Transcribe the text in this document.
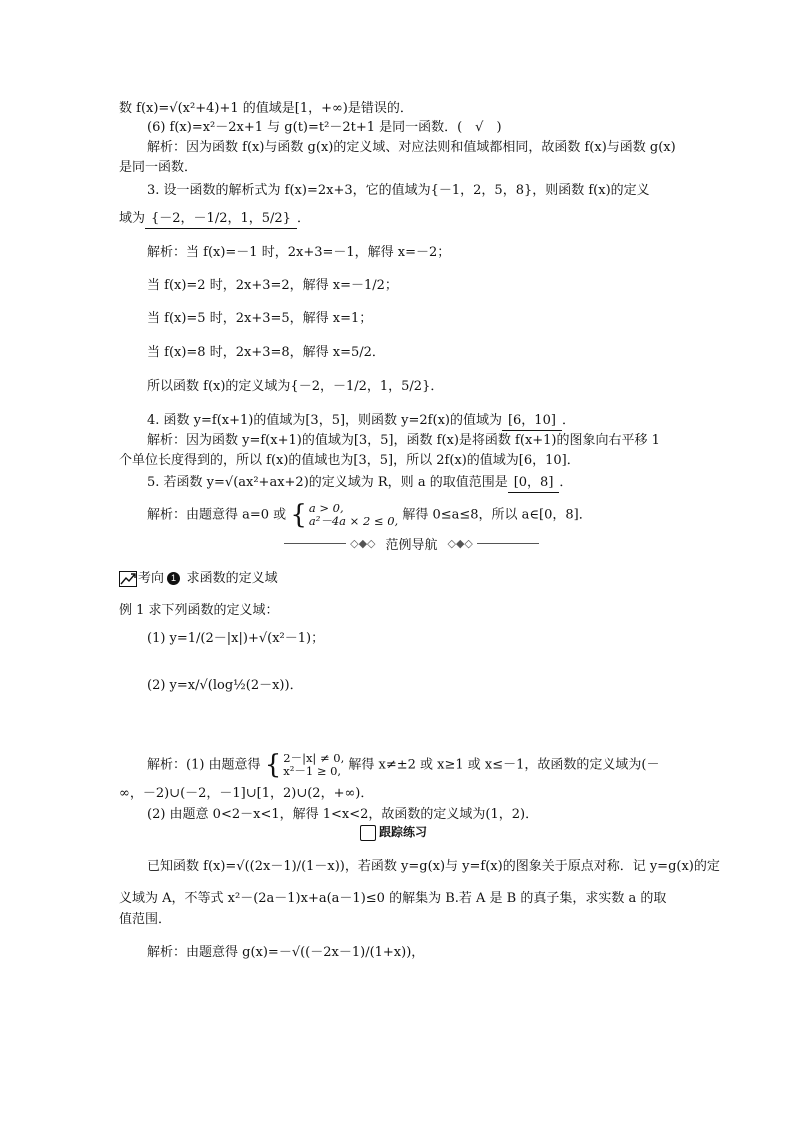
数 f(x)=√(x²+4)+1 的值域是[1，+∞)是错误的．
(6) f(x)=x²－2x+1 与 g(t)=t²－2t+1 是同一函数．(　√　)
解析：因为函数 f(x)与函数 g(x)的定义域、对应法则和值域都相同，故函数 f(x)与函数 g(x)
是同一函数．
3. 设一函数的解析式为 f(x)=2x+3，它的值域为{－1，2，5，8}，则函数 f(x)的定义
域为 {－2，－1/2，1，5/2} ．
解析：当 f(x)=－1 时，2x+3=－1，解得 x=－2；
当 f(x)=2 时，2x+3=2，解得 x=－1/2；
当 f(x)=5 时，2x+3=5，解得 x=1；
当 f(x)=8 时，2x+3=8，解得 x=5/2．
所以函数 f(x)的定义域为{－2，－1/2，1，5/2}．
4. 函数 y=f(x+1)的值域为[3，5]，则函数 y=2f(x)的值域为 [6，10] ．
解析：因为函数 y=f(x+1)的值域为[3，5]，函数 f(x)是将函数 f(x+1)的图象向右平移 1
个单位长度得到的，所以 f(x)的值域也为[3，5]，所以 2f(x)的值域为[6，10]．
5. 若函数 y=√(ax²+ax+2)的定义域为 R，则 a 的取值范围是 [0，8] ．
解析：由题意得 a=0 或 { a > 0,
a²－4a × 2 ≤ 0, 解得 0≤a≤8，所以 a∈[0，8]．
◇◆◇ 范例导航 ◇◆◇
考向 1 求函数的定义域
例 1 求下列函数的定义域：
(1) y=1/(2－|x|)+√(x²－1)；
(2) y=x/√(log½(2－x))．
解析：(1) 由题意得 { 2－|x| ≠ 0,
x²－1 ≥ 0, 解得 x≠±2 或 x≥1 或 x≤－1，故函数的定义域为(－
∞，－2)∪(－2，－1]∪[1，2)∪(2，+∞)．
(2) 由题意 0<2－x<1，解得 1<x<2，故函数的定义域为(1，2)．
跟踪练习
已知函数 f(x)=√((2x－1)/(1－x))，若函数 y=g(x)与 y=f(x)的图象关于原点对称．记 y=g(x)的定
义域为 A，不等式 x²－(2a－1)x+a(a－1)≤0 的解集为 B.若 A 是 B 的真子集，求实数 a 的取
值范围．
解析：由题意得 g(x)=－√((－2x－1)/(1+x))，
